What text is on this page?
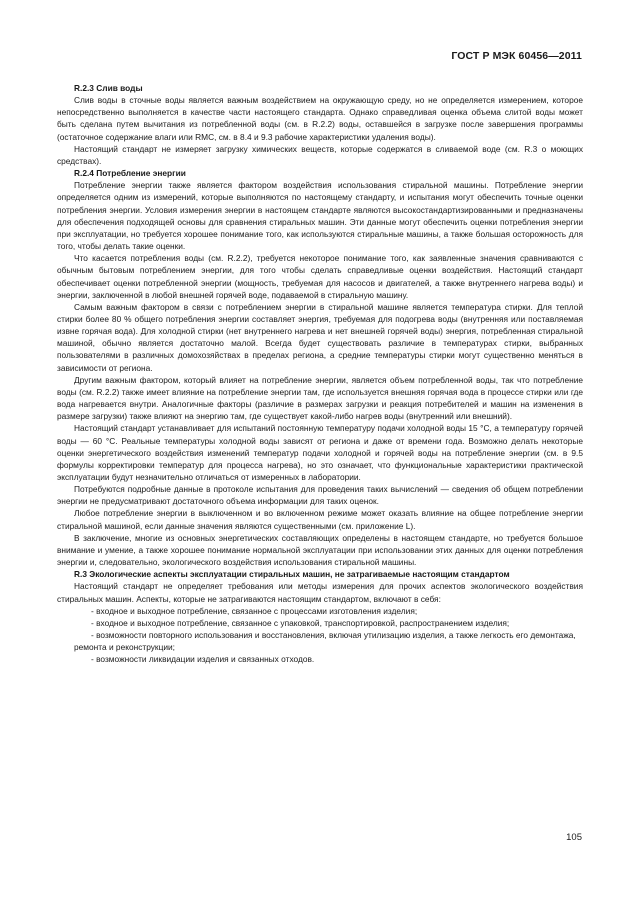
ГОСТ Р МЭК 60456—2011

R.2.3 Слив воды

Слив воды в сточные воды является важным воздействием на окружающую среду, но не определяется измерением, которое непосредственно выполняется в качестве части настоящего стандарта. Однако справедливая оценка объема слитой воды может быть сделана путем вычитания из потребленной воды (см. в R.2.2) воды, оставшейся в загрузке после завершения программы (остаточное содержание влаги или RMC, см. в 8.4 и 9.3 рабочие характеристики удаления воды).

Настоящий стандарт не измеряет загрузку химических веществ, которые содержатся в сливаемой воде (см. R.3 о моющих средствах).

R.2.4 Потребление энергии

Потребление энергии также является фактором воздействия использования стиральной машины. Потребление энергии определяется одним из измерений, которые выполняются по настоящему стандарту, и испытания могут обеспечить точные оценки потребления энергии. Условия измерения энергии в настоящем стандарте являются высокостандартизированными и предназначены для обеспечения подходящей основы для сравнения стиральных машин. Эти данные могут обеспечить оценки потребления энергии при эксплуатации, но требуется хорошее понимание того, как используются стиральные машины, а также большая осторожность для того, чтобы делать такие оценки.

Что касается потребления воды (см. R.2.2), требуется некоторое понимание того, как заявленные значения сравниваются с обычным бытовым потреблением энергии, для того чтобы сделать справедливые оценки воздействия. Настоящий стандарт обеспечивает оценки потребленной энергии (мощность, требуемая для насосов и двигателей, а также внутреннего нагрева воды) и энергии, заключенной в любой внешней горячей воде, подаваемой в стиральную машину.

Самым важным фактором в связи с потреблением энергии в стиральной машине является температура стирки. Для теплой стирки более 80 % общего потребления энергии составляет энергия, требуемая для подогрева воды (внутренняя или поставляемая извне горячая вода). Для холодной стирки (нет внутреннего нагрева и нет внешней горячей воды) энергия, потребленная стиральной машиной, обычно является достаточно малой. Всегда будет существовать различие в температурах стирки, выбранных пользователями в различных домохозяйствах в пределах региона, а средние температуры стирки могут существенно меняться в зависимости от региона.

Другим важным фактором, который влияет на потребление энергии, является объем потребленной воды, так что потребление воды (см. R.2.2) также имеет влияние на потребление энергии там, где используется внешняя горячая вода в процессе стирки или где вода нагревается внутри. Аналогичные факторы (различие в размерах загрузки и реакция потребителей и машин на изменения в размере загрузки) также влияют на энергию там, где существует какой-либо нагрев воды (внутренний или внешний).

Настоящий стандарт устанавливает для испытаний постоянную температуру подачи холодной воды 15 °С, а температуру горячей воды — 60 °С. Реальные температуры холодной воды зависят от региона и даже от времени года. Возможно делать некоторые оценки энергетического воздействия изменений температур подачи холодной и горячей воды на потребление энергии (см. в 9.5 формулы корректировки температур для процесса нагрева), но это означает, что функциональные характеристики практической эксплуатации будут незначительно отличаться от измеренных в лаборатории.

Потребуются подробные данные в протоколе испытания для проведения таких вычислений — сведения об общем потреблении энергии не предусматривают достаточного объема информации для таких оценок.

Любое потребление энергии в выключенном и во включенном режиме может оказать влияние на общее потребление энергии стиральной машиной, если данные значения являются существенными (см. приложение L).

В заключение, многие из основных энергетических составляющих определены в настоящем стандарте, но требуется большое внимание и умение, а также хорошее понимание нормальной эксплуатации при использовании этих данных для оценки потребления энергии и, следовательно, экологического воздействия использования стиральной машины.

R.3 Экологические аспекты эксплуатации стиральных машин, не затрагиваемые настоящим стандартом

Настоящий стандарт не определяет требования или методы измерения для прочих аспектов экологического воздействия стиральных машин. Аспекты, которые не затрагиваются настоящим стандартом, включают в себя:

- входное и выходное потребление, связанное с процессами изготовления изделия;

- входное и выходное потребление, связанное с упаковкой, транспортировкой, распространением изделия;

- возможности повторного использования и восстановления, включая утилизацию изделия, а также легкость его демонтажа, ремонта и реконструкции;

- возможности ликвидации изделия и связанных отходов.

105
